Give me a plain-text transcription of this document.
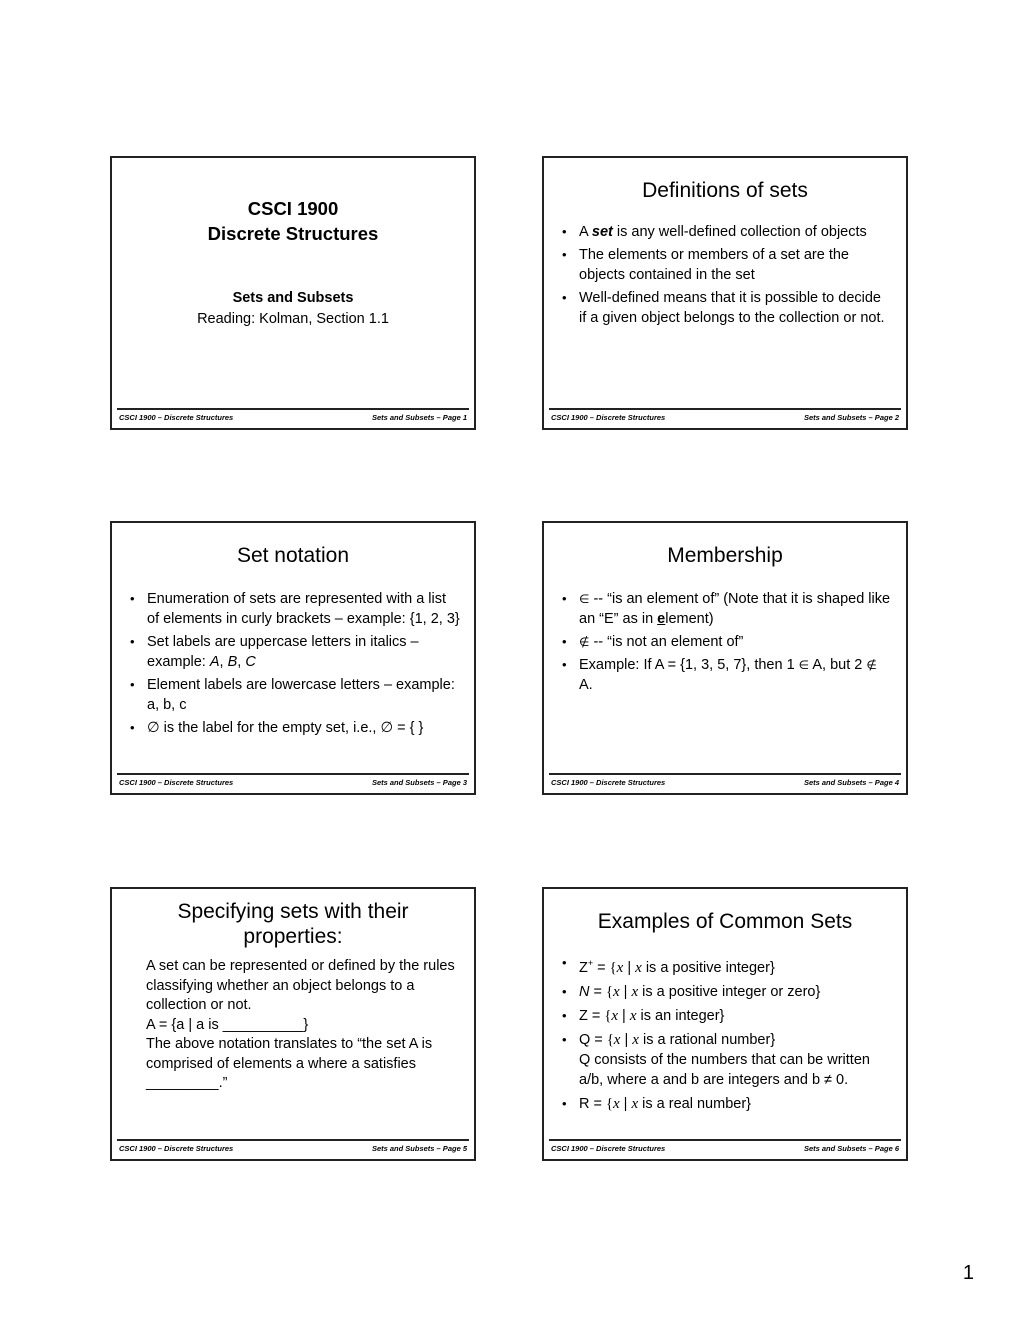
CSCI 1900
Discrete Structures
Sets and Subsets
Reading: Kolman, Section 1.1
CSCI 1900 – Discrete Structures	Sets and Subsets – Page 1
Definitions of sets
• A set is any well-defined collection of objects
• The elements or members of a set are the objects contained in the set
• Well-defined means that it is possible to decide if a given object belongs to the collection or not.
CSCI 1900 – Discrete Structures	Sets and Subsets – Page 2
Set notation
• Enumeration of sets are represented with a list of elements in curly brackets – example: {1, 2, 3}
• Set labels are uppercase letters in italics – example: A, B, C
• Element labels are lowercase letters – example: a, b, c
• ∅ is the label for the empty set, i.e., ∅ = { }
CSCI 1900 – Discrete Structures	Sets and Subsets – Page 3
Membership
• ∈ -- “is an element of” (Note that it is shaped like an “E” as in element)
• ∉ -- “is not an element of”
• Example: If A = {1, 3, 5, 7}, then 1 ∈ A, but 2 ∉ A.
CSCI 1900 – Discrete Structures	Sets and Subsets – Page 4
Specifying sets with their properties:
A set can be represented or defined by the rules classifying whether an object belongs to a collection or not.
A = {a | a is __________}
The above notation translates to “the set A is comprised of elements a where a satisfies _________.”
CSCI 1900 – Discrete Structures	Sets and Subsets – Page 5
Examples of Common Sets
• Z+ = {x | x is a positive integer}
• N = {x | x is a positive integer or zero}
• Z = {x | x is an integer}
• Q = {x | x is a rational number}
Q consists of the numbers that can be written a/b, where a and b are integers and b ≠ 0.
• R = {x | x is a real number}
CSCI 1900 – Discrete Structures	Sets and Subsets – Page 6
1
